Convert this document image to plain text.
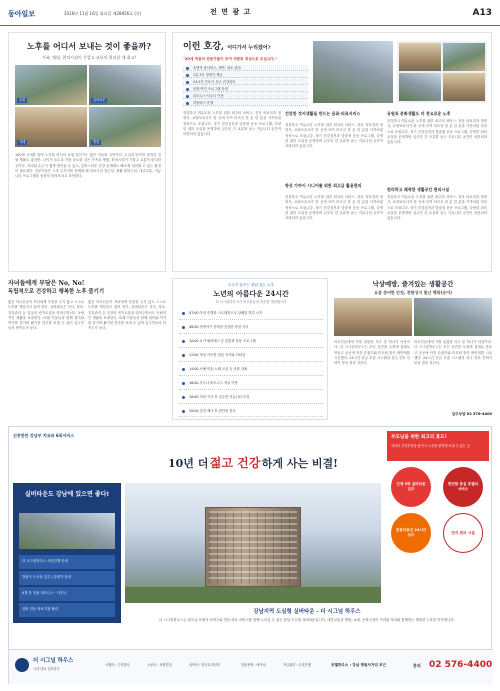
동아일보	2016년 11월 16일 화요일 제28926호 (등)	전 면 광 고	A13
노후를 어디서 보내는 것이 좋을까?
가족, 병원, 편의시설이 가깝고 교통이 편리한 게 최고!
공원	실버타운
카페	병원
100세 시대를 맞아 노후를 어디서 보낼 것인가는 많은 이들의 고민이다. 도심과 떨어진 한적한 전원 생활도 좋지만, 나이가 들수록 가장 중요한 것은 가족과 병원, 편의시설이 가깝고 교통이 편리한 곳이다. 자녀와 손주가 쉽게 찾아올 수 있고, 갑작스러운 건강 문제에도 빠르게 대처할 수 있는 환경이 필요하다. 전문가들은 노후 주거지를 선택할 때 의료시설 접근성, 생활 편의시설, 대중교통, 커뮤니티 프로그램을 꼼꼼히 따져보라고 조언한다.
이런 호강, 어디가서 누리겠어?
"20세 적용의 전문가들이 모여 사람과 정성으로 모십니다."
호텔식 룸서비스, 세탁, 청소 관리
1일 3식 영양식 제공
24시간 간호사 상주 건강관리
문화·여가 프로그램 운영
피트니스·사우나 이용
셔틀버스 운행
건강하고 여유로운 노후를 위한 최고의 서비스. 전문 의료진과 영양사, 요양보호사가 한 곳에 모여 어르신 한 분 한 분을 가족처럼 정성으로 모십니다. 정기 건강검진과 맞춤형 운동 프로그램, 다양한 취미 교실을 운영하며 입주민 간 교류를 돕는 커뮤니티 공간이 마련되어 있습니다.
건강한 정서생활을 만드는 음료·의료서비스
건강하고 여유로운 노후를 위한 최고의 서비스. 전문 의료진과 영양사, 요양보호사가 한 곳에 모여 어르신 한 분 한 분을 가족처럼 정성으로 모십니다. 정기 건강검진과 맞춤형 운동 프로그램, 다양한 취미 교실을 운영하며 입주민 간 교류를 돕는 커뮤니티 공간이 마련되어 있습니다.
항상 가까이 시니어를 위한 최고급 활용편의
건강하고 여유로운 노후를 위한 최고의 서비스. 전문 의료진과 영양사, 요양보호사가 한 곳에 모여 어르신 한 분 한 분을 가족처럼 정성으로 모십니다. 정기 건강검진과 맞춤형 운동 프로그램, 다양한 취미 교실을 운영하며 입주민 간 교류를 돕는 커뮤니티 공간이 마련되어 있습니다.
공원과 문화생활도 더 풍요로운 노후
건강하고 여유로운 노후를 위한 최고의 서비스. 전문 의료진과 영양사, 요양보호사가 한 곳에 모여 어르신 한 분 한 분을 가족처럼 정성으로 모십니다. 정기 건강검진과 맞춤형 운동 프로그램, 다양한 취미 교실을 운영하며 입주민 간 교류를 돕는 커뮤니티 공간이 마련되어 있습니다.
편리하고 쾌적한 생활공간 편의시설
건강하고 여유로운 노후를 위한 최고의 서비스. 전문 의료진과 영양사, 요양보호사가 한 곳에 모여 어르신 한 분 한 분을 가족처럼 정성으로 모십니다. 정기 건강검진과 맞춤형 운동 프로그램, 다양한 취미 교실을 운영하며 입주민 간 교류를 돕는 커뮤니티 공간이 마련되어 있습니다.
자녀들에게 부담은 No, No!
독립적으로 건강하고 행복한 노후 즐기기
많은 어르신들이 자녀에게 부담을 주지 않고 스스로 노후를 책임지고 싶어 한다. 실버타운은 식사, 청소, 건강관리 등 일상의 번거로움을 덜어주면서도 독립적인 생활을 보장한다. 또래 이웃들과 함께 취미와 여가를 즐기며 활기찬 하루를 보낼 수 있어 입주민들의 만족도가 높다.
많은 어르신들이 자녀에게 부담을 주지 않고 스스로 노후를 책임지고 싶어 한다. 실버타운은 식사, 청소, 건강관리 등 일상의 번거로움을 덜어주면서도 독립적인 생활을 보장한다. 또래 이웃들과 함께 취미와 여가를 즐기며 활기찬 하루를 보낼 수 있어 입주민들의 만족도가 높다.
모두가 꿈꾸는 품위 있는 노후
노년의 아름다운 24시간
더 시그넘하우스가 어르신들의 하루를 책임집니다
07:00 아침 산책과 스트레칭으로 상쾌한 하루 시작
08:00 영양사가 준비한 건강한 아침 식사
10:00 요가·필라테스 등 맞춤형 운동 프로그램
12:00 정성 가득한 점심 식사와 티타임
14:00 서예·미술·노래 교실 등 문화 강좌
16:00 사우나·피트니스 자유 이용
18:00 저녁 식사 후 입주민 커뮤니티 모임
20:00 건강 체크 후 편안한 휴식
낙상예방, 즐겨있는 생활공간
요즘 준비한 안전, 전원성이 빛난 행복(승어)
어르신들에게 가장 위험한 사고 중 하나가 낙상이다. 더 시그넘하우스는 모든 공간을 무장애 설계로 만들고 곳곳에 안전 손잡이와 미끄럼 방지 바닥재를 시공했다. 24시간 응급 호출 시스템과 상주 간호 인력이 항상 곁을 지킨다.
어르신들에게 가장 위험한 사고 중 하나가 낙상이다. 더 시그넘하우스는 모든 공간을 무장애 설계로 만들고 곳곳에 안전 손잡이와 미끄럼 방지 바닥재를 시공했다. 24시간 응급 호출 시스템과 상주 간호 인력이 항상 곁을 지킨다.
입주상담 02 576-4400
신중한만 강남부 치유와 6위서비스	부모님을 위한 최고의 효도!
자녀의 부양부담을 줄이고 노후를 편하게 보낼 수 있는 곳
10년 더 젊고 건강 하게 사는 비결!
실버타운도 강남에 있으면 좋다!
더 시그넘하우스 사업진행 안내
강남구 도곡동 입주 / 분양가 문의
4개 층 전용 피트니스 · 사우나
실버 전문 의료기관 협력
인생 2막 실버타운 입주
편안함 중심 호텔식 서비스
전문의료진 24시간 상주
단지 편의 시설
강남지역 도심형 실버타운 - 더 시그넘 하우스
더 시그넘하우스는 최고급 호텔식 서비스와 전문 의료 서비스를 함께 누리실 수 있는 강남 도심형 실버타운입니다. 대중교통과 병원, 쇼핑, 문화시설이 가까워 자녀와 함께하는 행복한 노후를 약속합니다.
더 시그널 하우스
국내 대표 실버타운
시행사 : 주식회사	시공사 : 서희건설	신탁사 : 한국토지신탁	전문운영 : 에이치	자금관리 : 우리은행	모델하우스 : 강남 병원사거리 부근	문의 02 576-4400
